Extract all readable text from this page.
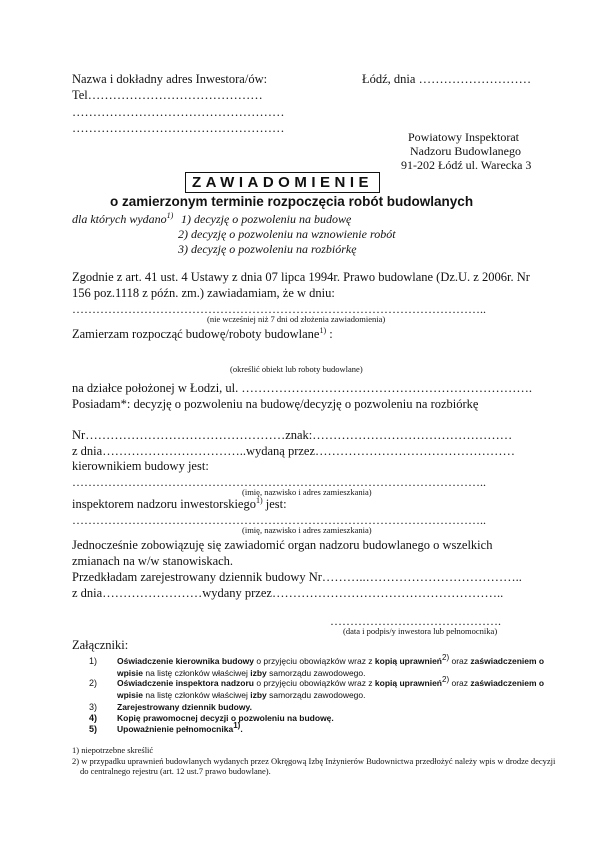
Nazwa i dokładny adres Inwestora/ów:	Łódź, dnia ………………………
Tel……………………………………
……………………………………………
……………………………………………
Powiatowy Inspektorat
Nadzoru Budowlanego
91-202 Łódź ul. Warecka 3
ZAWIADOMIENIE
o zamierzonym terminie rozpoczęcia robót budowlanych
dla których wydano$^{1)}$ 1) decyzję o pozwoleniu na budowę
2) decyzję o pozwoleniu na wznowienie robót
3) decyzję o pozwoleniu na rozbiórkę
Zgodnie z art. 41 ust. 4 Ustawy z dnia 07 lipca 1994r. Prawo budowlane (Dz.U. z 2006r. Nr
156 poz.1118 z późn. zm.) zawiadamiam, że w dniu:
…………………………………………………………………………………………..
(nie wcześniej niż 7 dni od złożenia zawiadomienia)
Zamierzam rozpocząć budowę/roboty budowlane$^{1)}$ :
(określić obiekt lub roboty budowlane)
na działce położonej w Łodzi, ul. …………………………………………………………….
Posiadam*: decyzję o pozwoleniu na budowę/decyzję o pozwoleniu na rozbiórkę
Nr…………………………………………znak:…………………………………………
z dnia……………………………..wydaną przez…………………………………………
kierownikiem budowy jest:
…………………………………………………………………………………………..
(imię, nazwisko i adres zamieszkania)
inspektorem nadzoru inwestorskiego$^{1)}$ jest:
…………………………………………………………………………………………..
(imię, nazwisko i adres zamieszkania)
Jednocześnie zobowiązuję się zawiadomić organ nadzoru budowlanego o wszelkich
zmianach na w/w stanowiskach.
Przedkładam zarejestrowany dziennik budowy Nr………..………………………………..
z dnia……………………wydany przez………………………………………………..
…………………………………….
(data i podpis/y inwestora lub pełnomocnika)
Załączniki:
1) Oświadczenie kierownika budowy o przyjęciu obowiązków wraz z kopią uprawnień2) oraz zaświadczeniem o
wpisie na listę członków właściwej izby samorządu zawodowego.
2) Oświadczenie inspektora nadzoru o przyjęciu obowiązków wraz z kopią uprawnień2) oraz zaświadczeniem o
wpisie na listę członków właściwej izby samorządu zawodowego.
3) Zarejestrowany dziennik budowy.
4) Kopię prawomocnej decyzji o pozwoleniu na budowę.
5) Upoważnienie pełnomocnika1).
1) niepotrzebne skreślić
2) w przypadku uprawnień budowlanych wydanych przez Okręgową Izbę Inżynierów Budownictwa przedłożyć należy wpis w drodze decyzji
do centralnego rejestru (art. 12 ust.7 prawo budowlane).
